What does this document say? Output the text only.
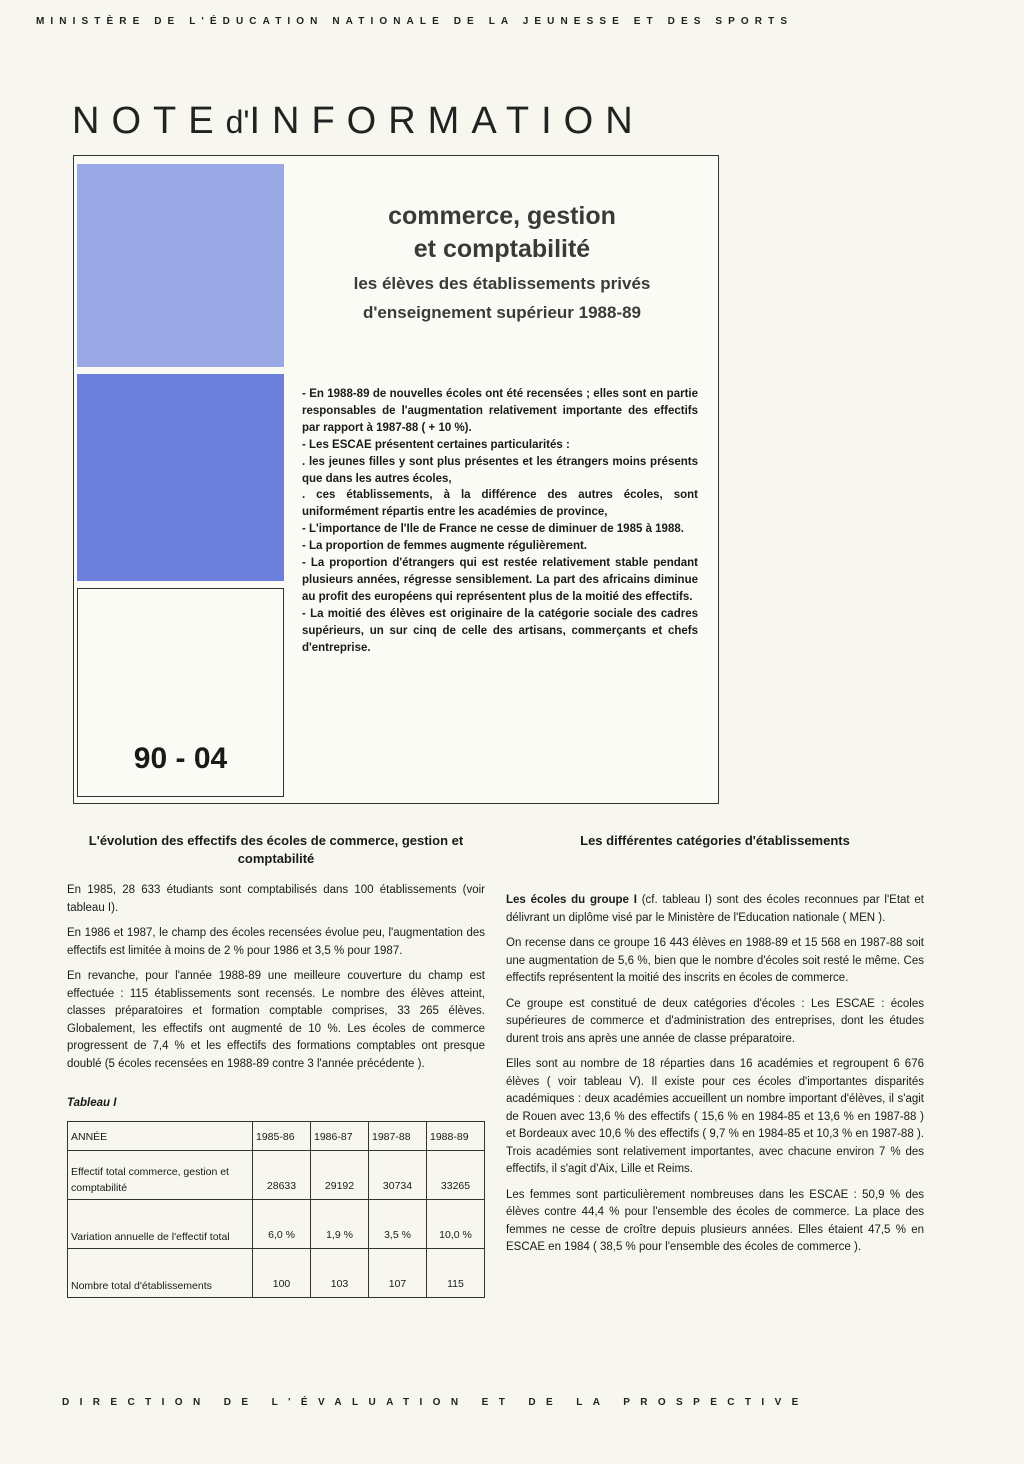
MINISTÈRE DE L'ÉDUCATION NATIONALE DE LA JEUNESSE ET DES SPORTS
NOTEd'INFORMATION
90 - 04
commerce, gestion
et comptabilité
les élèves des établissements privés
d'enseignement supérieur 1988-89

- En 1988-89 de nouvelles écoles ont été recensées ; elles sont en partie responsables de l'augmentation relativement importante des effectifs par rapport à 1987-88 ( + 10 %).

- Les ESCAE présentent certaines particularités :

. les jeunes filles y sont plus présentes et les étrangers moins présents que dans les autres écoles,

. ces établissements, à la différence des autres écoles, sont uniformément répartis entre les académies de province,

- L'importance de l'Ile de France ne cesse de diminuer de 1985 à 1988.

- La proportion de femmes augmente régulièrement.

- La proportion d'étrangers qui est restée relativement stable pendant plusieurs années, régresse sensiblement. La part des africains diminue au profit des européens qui représentent plus de la moitié des effectifs.

- La moitié des élèves est originaire de la catégorie sociale des cadres supérieurs, un sur cinq de celle des artisans, commerçants et chefs d'entreprise.

L'évolution des effectifs des écoles de commerce, gestion et comptabilité

En 1985, 28 633 étudiants sont comptabilisés dans 100 établissements (voir tableau I).

En 1986 et 1987, le champ des écoles recensées évolue peu, l'augmentation des effectifs est limitée à moins de 2 % pour 1986 et 3,5 % pour 1987.

En revanche, pour l'année 1988-89 une meilleure couverture du champ est effectuée : 115 établissements sont recensés. Le nombre des élèves atteint, classes préparatoires et formation comptable comprises, 33 265 élèves. Globalement, les effectifs ont augmenté de 10 %. Les écoles de commerce progressent de 7,4 % et les effectifs des formations comptables ont presque doublé (5 écoles recensées en 1988-89 contre 3 l'année précédente ).

Tableau I
ANNÉE	1985-86	1986-87	1987-88	1988-89
Effectif total commerce, gestion et comptabilité	28633	29192	30734	33265
Variation annuelle de l'effectif total	6,0 %	1,9 %	3,5 %	10,0 %
Nombre total d'établissements	100	103	107	115
Les différentes catégories d'établissements

Les écoles du groupe I (cf. tableau I) sont des écoles reconnues par l'Etat et délivrant un diplôme visé par le Ministère de l'Education nationale ( MEN ).

On recense dans ce groupe 16 443 élèves en 1988-89 et 15 568 en 1987-88 soit une augmentation de 5,6 %, bien que le nombre d'écoles soit resté le même. Ces effectifs représentent la moitié des inscrits en écoles de commerce.

Ce groupe est constitué de deux catégories d'écoles : Les ESCAE : écoles supérieures de commerce et d'administration des entreprises, dont les études durent trois ans après une année de classe préparatoire.

Elles sont au nombre de 18 réparties dans 16 académies et regroupent 6 676 élèves ( voir tableau V). Il existe pour ces écoles d'importantes disparités académiques : deux académies accueillent un nombre important d'élèves, il s'agit de Rouen avec 13,6 % des effectifs ( 15,6 % en 1984-85 et 13,6 % en 1987-88 ) et Bordeaux avec 10,6 % des effectifs ( 9,7 % en 1984-85 et 10,3 % en 1987-88 ). Trois académies sont relativement importantes, avec chacune environ 7 % des effectifs, il s'agit d'Aix, Lille et Reims.

Les femmes sont particulièrement nombreuses dans les ESCAE : 50,9 % des élèves contre 44,4 % pour l'ensemble des écoles de commerce. La place des femmes ne cesse de croître depuis plusieurs années. Elles étaient 47,5 % en ESCAE en 1984 ( 38,5 % pour l'ensemble des écoles de commerce ).

DIRECTION DE L'ÉVALUATION ET DE LA PROSPECTIVE
